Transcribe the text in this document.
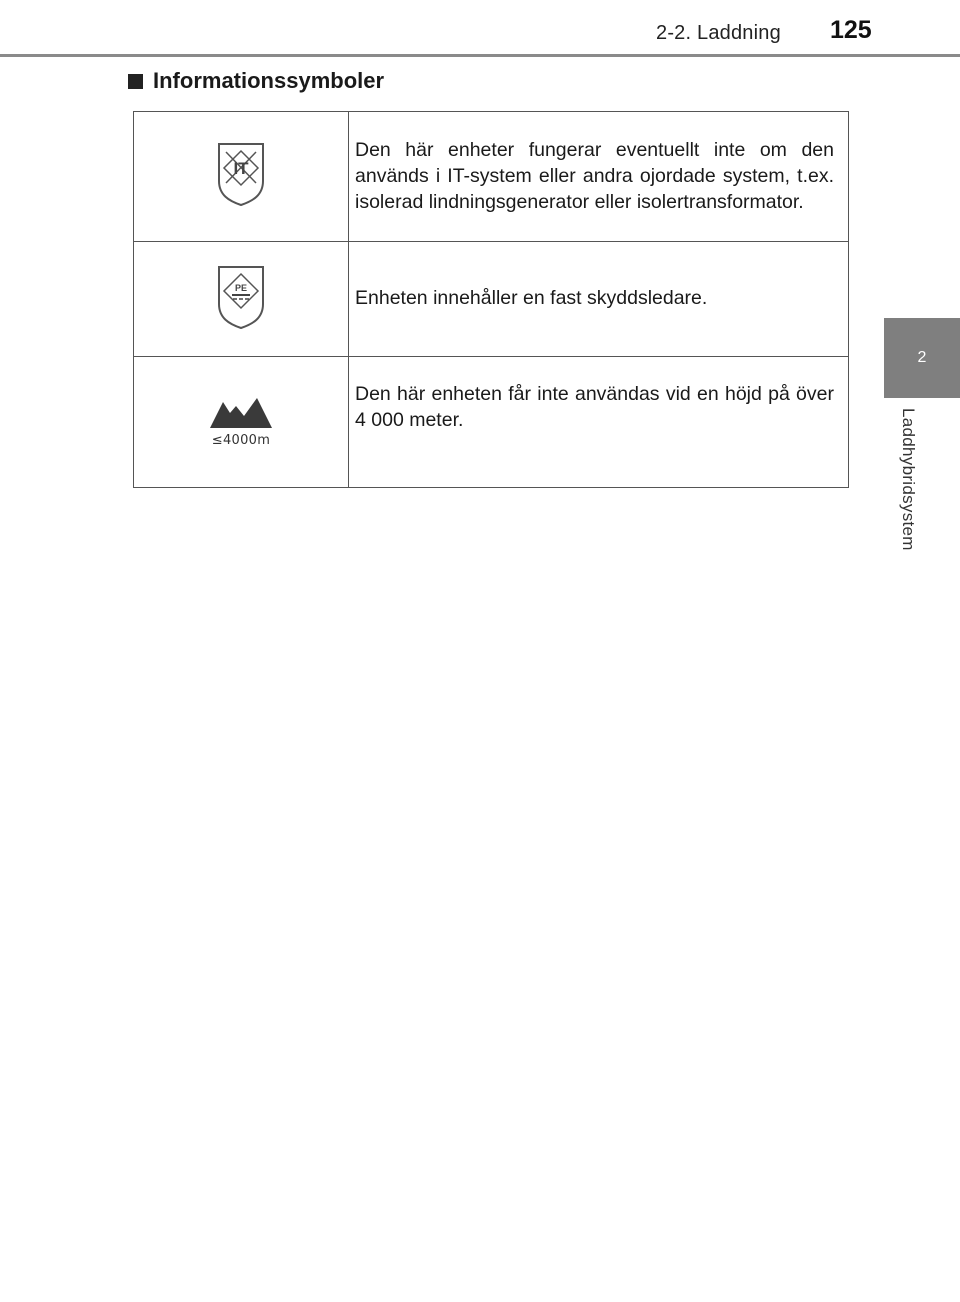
2-2. Laddning 125
2
Laddhybridsystem
Informationssymboler
IT	Den här enheter fungerar eventuellt inte om den används i IT-system eller andra ojordade system, t.ex. isolerad lindningsgenerator eller isolertransformator.

PE	Enheten innehåller en fast skyddsledare.

≤4000m	Den här enheten får inte användas vid en höjd på över 4 000 meter.
